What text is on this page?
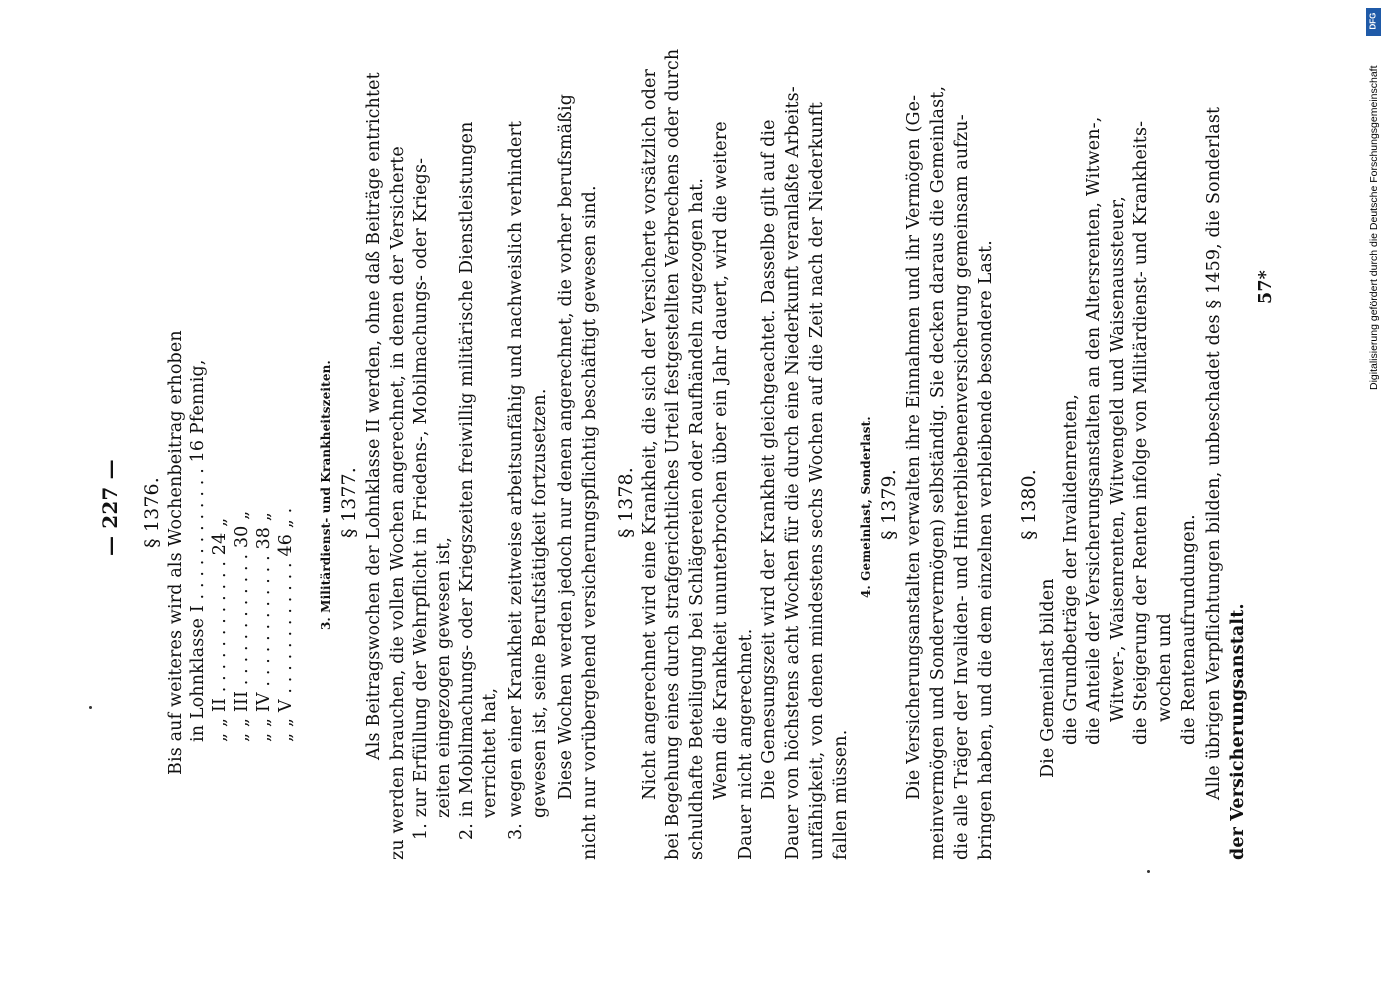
— 227 — § 1376. Bis auf weiteres wird als Wochenbeitrag erhoben in Lohnklasse I . . . . . . . . . . . . 16 Pfennig, „ „ II . . . . . . . . . . . . 24 „ „ „ III . . . . . . . . . . . . 30 „ „ „ IV . . . . . . . . . . . . 38 „ „ „ V . . . . . . . . . . . . 46 „ . 3. Militärdienst- und Krankheitszeiten. § 1377. Als Beitragswochen der Lohnklasse II werden, ohne daß Beiträge entrichtet zu werden brauchen, die vollen Wochen angerechnet, in denen der Versicherte 1. zur Erfüllung der Wehrpflicht in Friedens-, Mobilmachungs- oder Kriegs- zeiten eingezogen gewesen ist, 2. in Mobilmachungs- oder Kriegszeiten freiwillig militärische Dienstleistungen verrichtet hat, 3. wegen einer Krankheit zeitweise arbeitsunfähig und nachweislich verhindert gewesen ist, seine Berufstätigkeit fortzusetzen. Diese Wochen werden jedoch nur denen angerechnet, die vorher berufsmäßig nicht nur vorübergehend versicherungspflichtig beschäftigt gewesen sind. § 1378. Nicht angerechnet wird eine Krankheit, die sich der Versicherte vorsätzlich oder bei Begehung eines durch strafgerichtliches Urteil festgestellten Verbrechens oder durch schuldhafte Beteiligung bei Schlägereien oder Raufhändeln zugezogen hat. Wenn die Krankheit ununterbrochen über ein Jahr dauert, wird die weitere Dauer nicht angerechnet. Die Genesungszeit wird der Krankheit gleichgeachtet. Dasselbe gilt auf die Dauer von höchstens acht Wochen für die durch eine Niederkunft veranlaßte Arbeits- unfähigkeit, von denen mindestens sechs Wochen auf die Zeit nach der Niederkunft fallen müssen.
4. Gemeinlast, Sonderlast. § 1379. Die Versicherungsanstalten verwalten ihre Einnahmen und ihr Vermögen (Ge- meinvermögen und Sondervermögen) selbständig. Sie decken daraus die Gemeinlast, die alle Träger der Invaliden- und Hinterbliebenenversicherung gemeinsam aufzu- bringen haben, und die dem einzelnen verbleibende besondere Last. § 1380.
Die Gemeinlast bilden die Grundbeträge der Invalidenrenten, die Anteile der Versicherungsanstalten an den Altersrenten, Witwen-, Witwer-, Waisenrenten, Witwengeld und Waisenaussteuer, die Steigerung der Renten infolge von Militärdienst- und Krankheits- wochen und die Rentenaufrundungen. Alle übrigen Verpflichtungen bilden, unbeschadet des § 1459, die Sonderlast der Versicherungsanstalt.
57*
DFG
Digitalisierung gefördert durch die Deutsche Forschungsgemeinschaft
